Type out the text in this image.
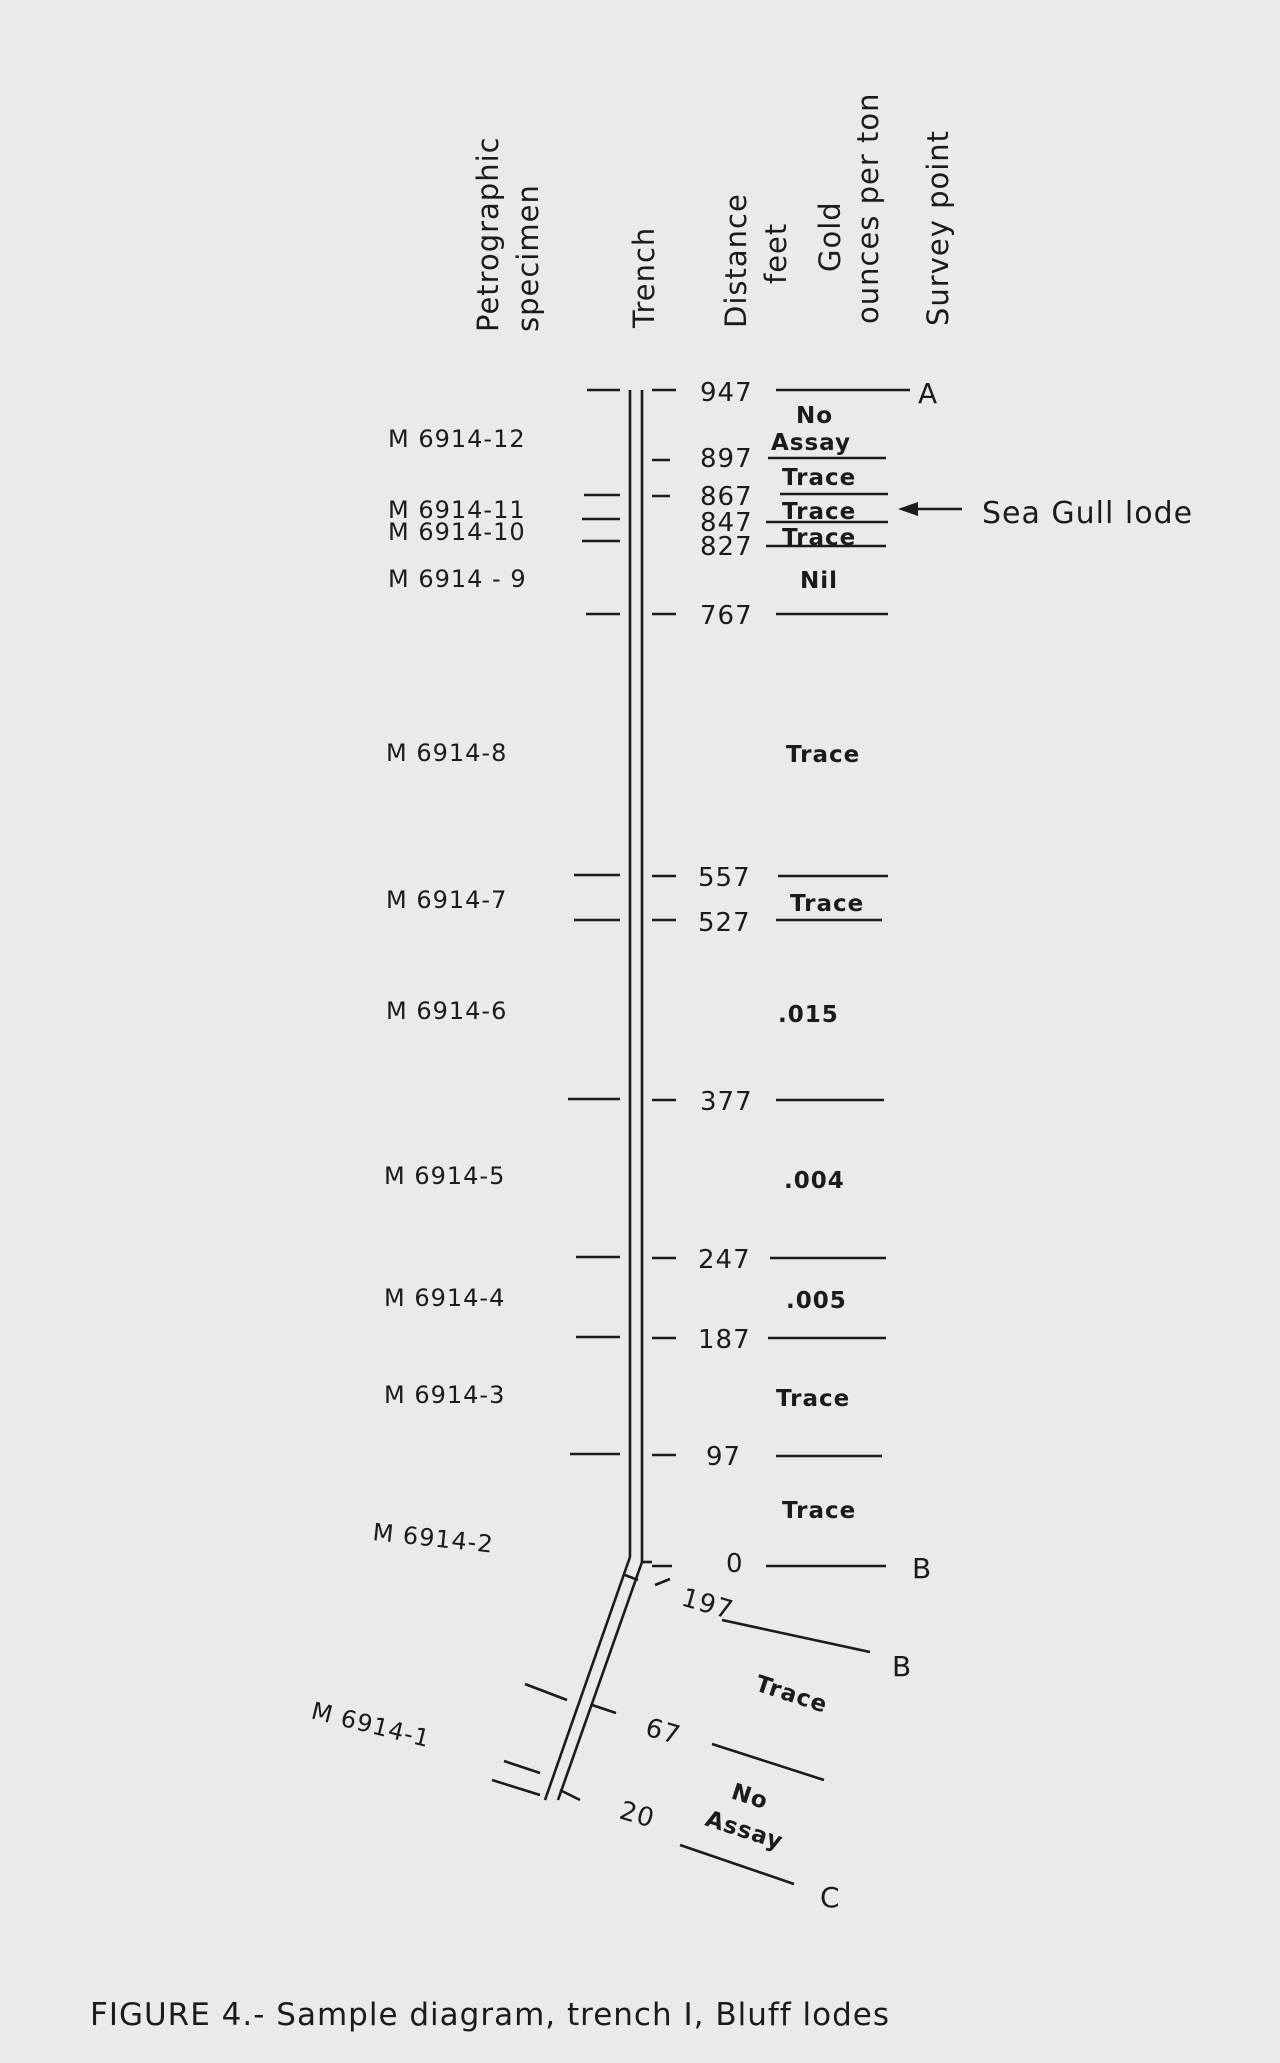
Petrographic specimen	Trench Distance feet Gold ounces per ton Survey point
947
897
867
847
827
767
557
527
377
247
187
97
0
197
67
20
M 6914-12
M 6914-11
M 6914-10
M 6914 - 9
M 6914-8
M 6914-7
M 6914-6
M 6914-5
M 6914-4
M 6914-3
M 6914-2
M 6914-1
No
Assay
Trace
Trace
Trace
Nil
Trace
Trace
.015
.004
.005
Trace
Trace
Trace
No
Assay
A
B
B
C
Sea Gull lode
FIGURE 4.- Sample diagram, trench I, Bluff lodes
